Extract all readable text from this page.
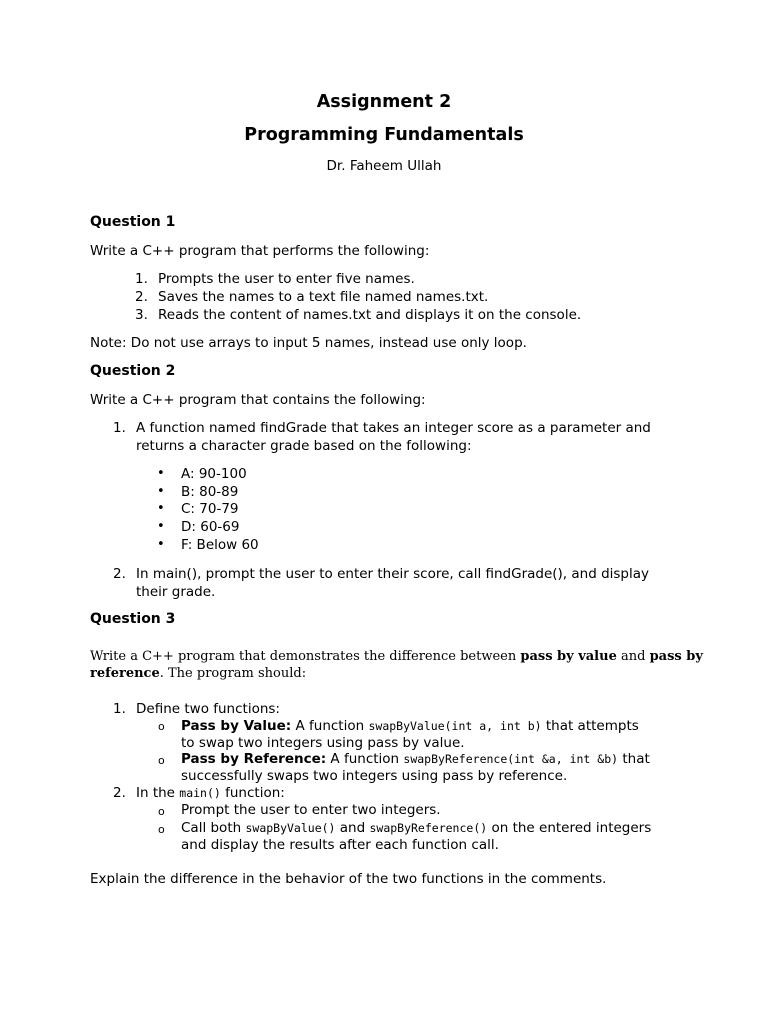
Assignment 2
Programming Fundamentals
Dr. Faheem Ullah
Question 1
Write a C++ program that performs the following:
1. Prompts the user to enter five names.
2. Saves the names to a text file named names.txt.
3. Reads the content of names.txt and displays it on the console.
Note: Do not use arrays to input 5 names, instead use only loop.
Question 2
Write a C++ program that contains the following:
1. A function named findGrade that takes an integer score as a parameter and
returns a character grade based on the following:
• A: 90-100
• B: 80-89
• C: 70-79
• D: 60-69
• F: Below 60
2. In main(), prompt the user to enter their score, call findGrade(), and display
their grade.
Question 3
Write a C++ program that demonstrates the difference between pass by value and pass by
reference. The program should:
1. Define two functions:
o Pass by Value: A function swapByValue(int a, int b) that attempts
to swap two integers using pass by value.
o Pass by Reference: A function swapByReference(int &a, int &b) that
successfully swaps two integers using pass by reference.
2. In the main() function:
o Prompt the user to enter two integers.
o Call both swapByValue() and swapByReference() on the entered integers
and display the results after each function call.
Explain the difference in the behavior of the two functions in the comments.
